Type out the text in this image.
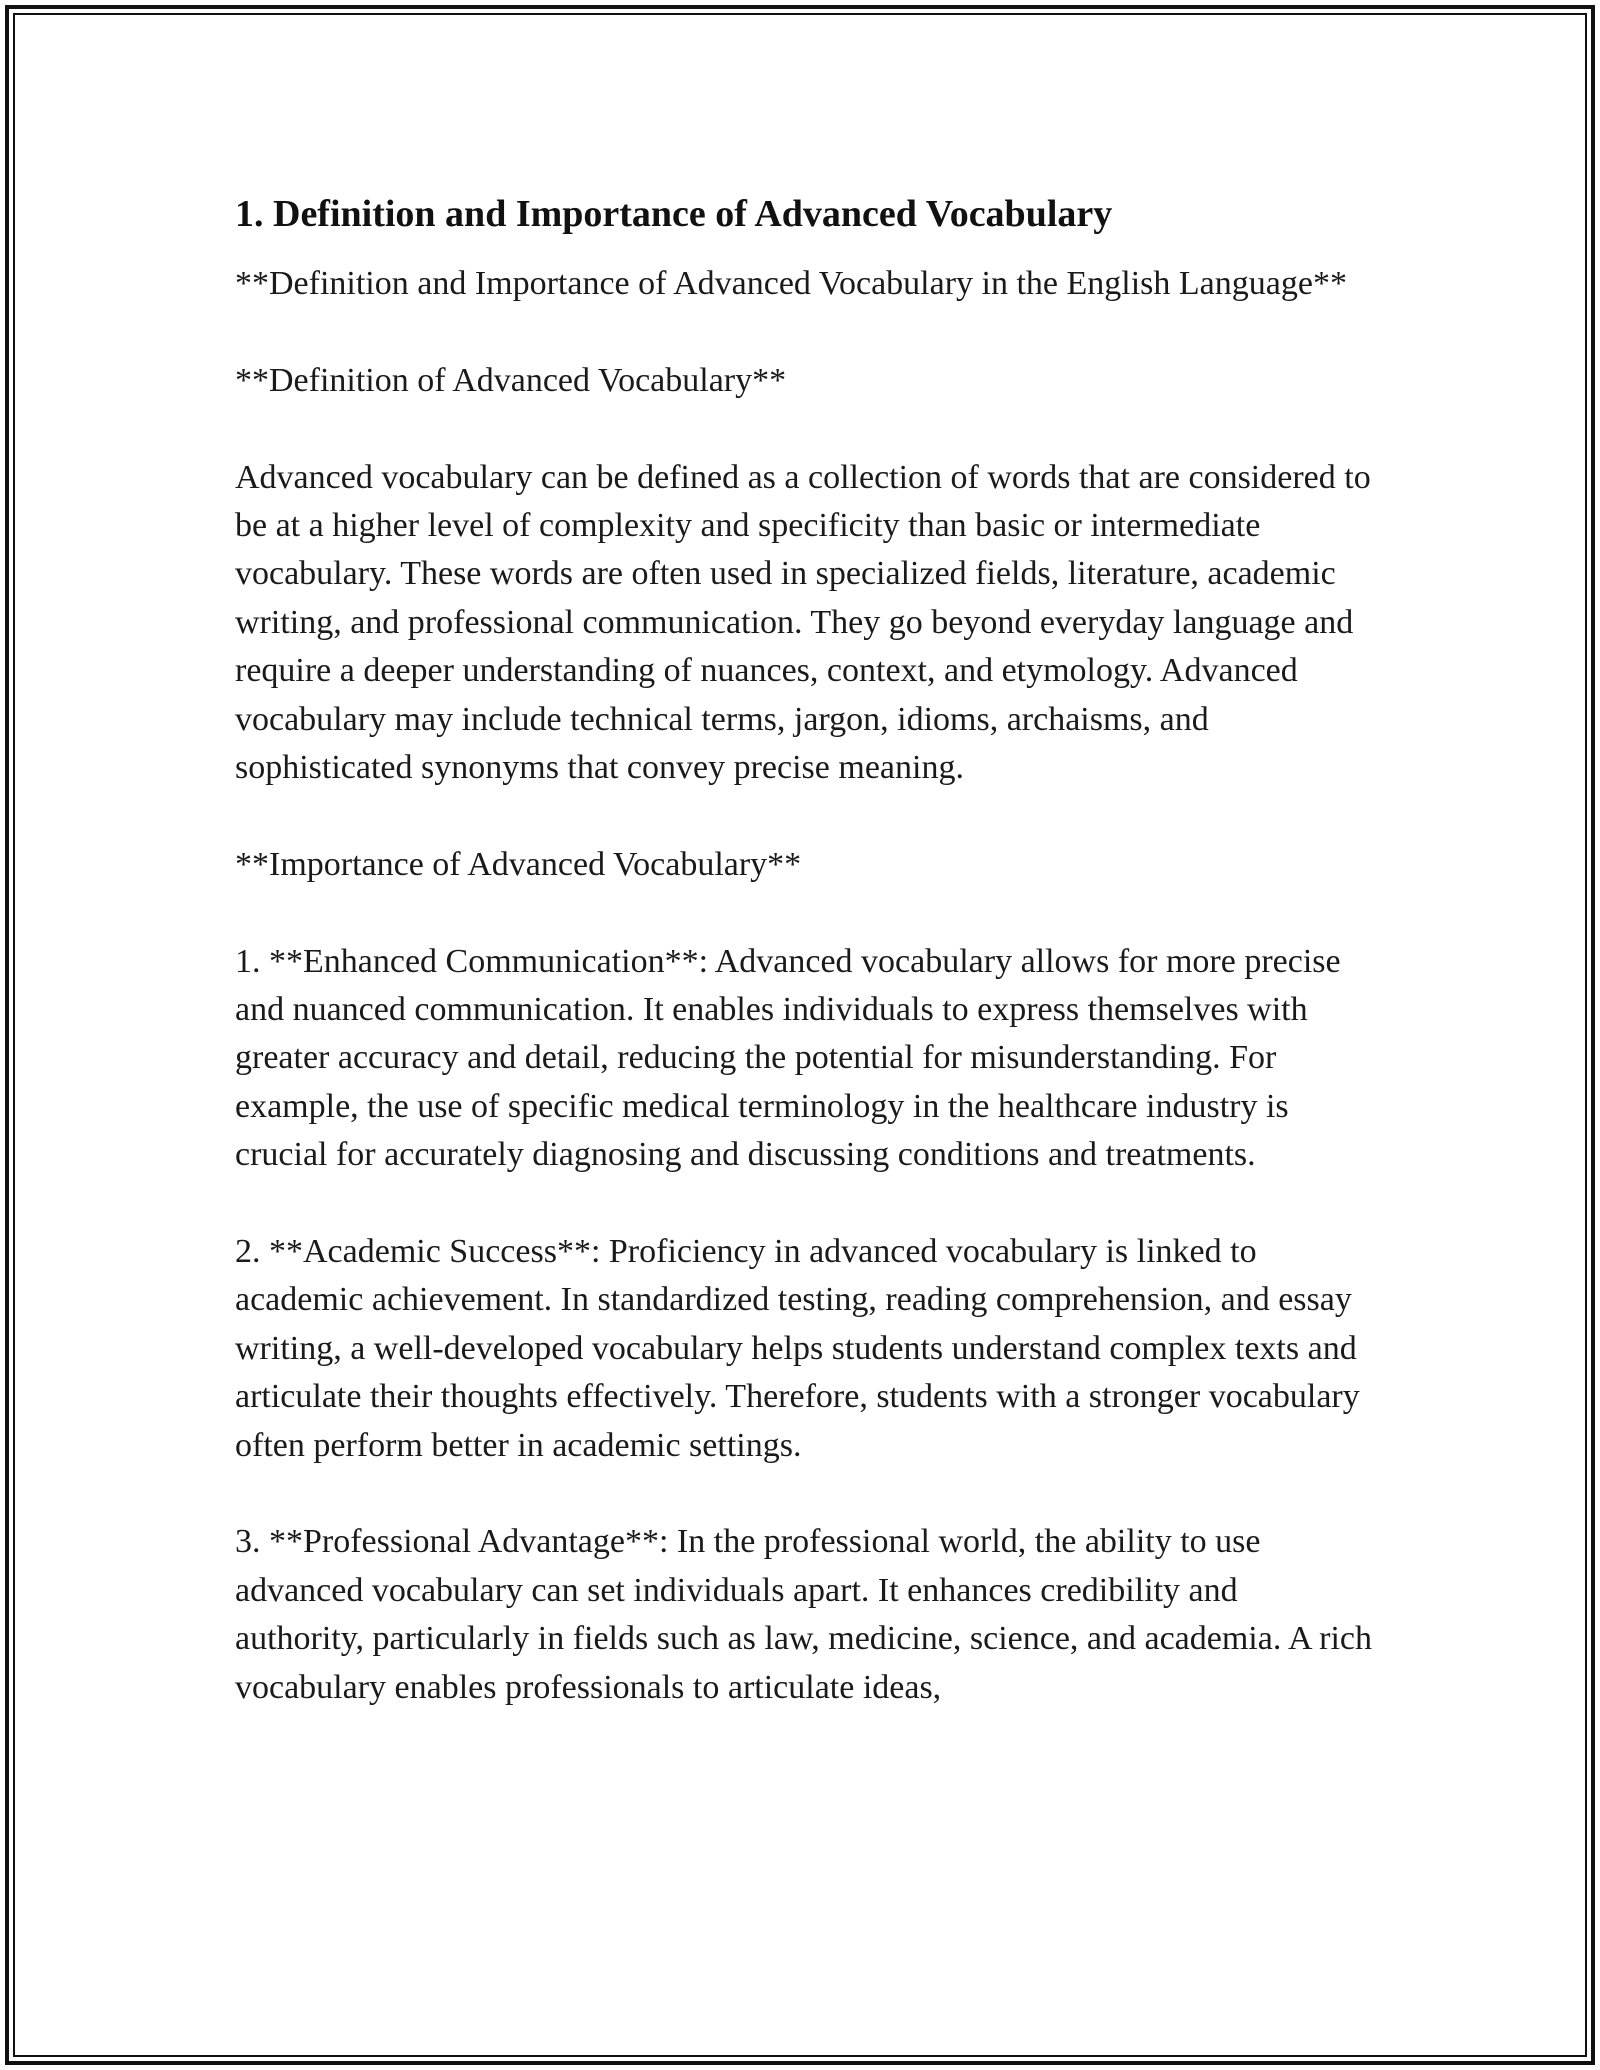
1. Definition and Importance of Advanced Vocabulary

**Definition and Importance of Advanced Vocabulary in the English Language**

**Definition of Advanced Vocabulary**

Advanced vocabulary can be defined as a collection of words that are considered to be at a higher level of complexity and specificity than basic or intermediate vocabulary. These words are often used in specialized fields, literature, academic writing, and professional communication. They go beyond everyday language and require a deeper understanding of nuances, context, and etymology. Advanced vocabulary may include technical terms, jargon, idioms, archaisms, and sophisticated synonyms that convey precise meaning.

**Importance of Advanced Vocabulary**

1. **Enhanced Communication**: Advanced vocabulary allows for more precise and nuanced communication. It enables individuals to express themselves with greater accuracy and detail, reducing the potential for misunderstanding. For example, the use of specific medical terminology in the healthcare industry is crucial for accurately diagnosing and discussing conditions and treatments.

2. **Academic Success**: Proficiency in advanced vocabulary is linked to academic achievement. In standardized testing, reading comprehension, and essay writing, a well-developed vocabulary helps students understand complex texts and articulate their thoughts effectively. Therefore, students with a stronger vocabulary often perform better in academic settings.

3. **Professional Advantage**: In the professional world, the ability to use advanced vocabulary can set individuals apart. It enhances credibility and authority, particularly in fields such as law, medicine, science, and academia. A rich vocabulary enables professionals to articulate ideas,
